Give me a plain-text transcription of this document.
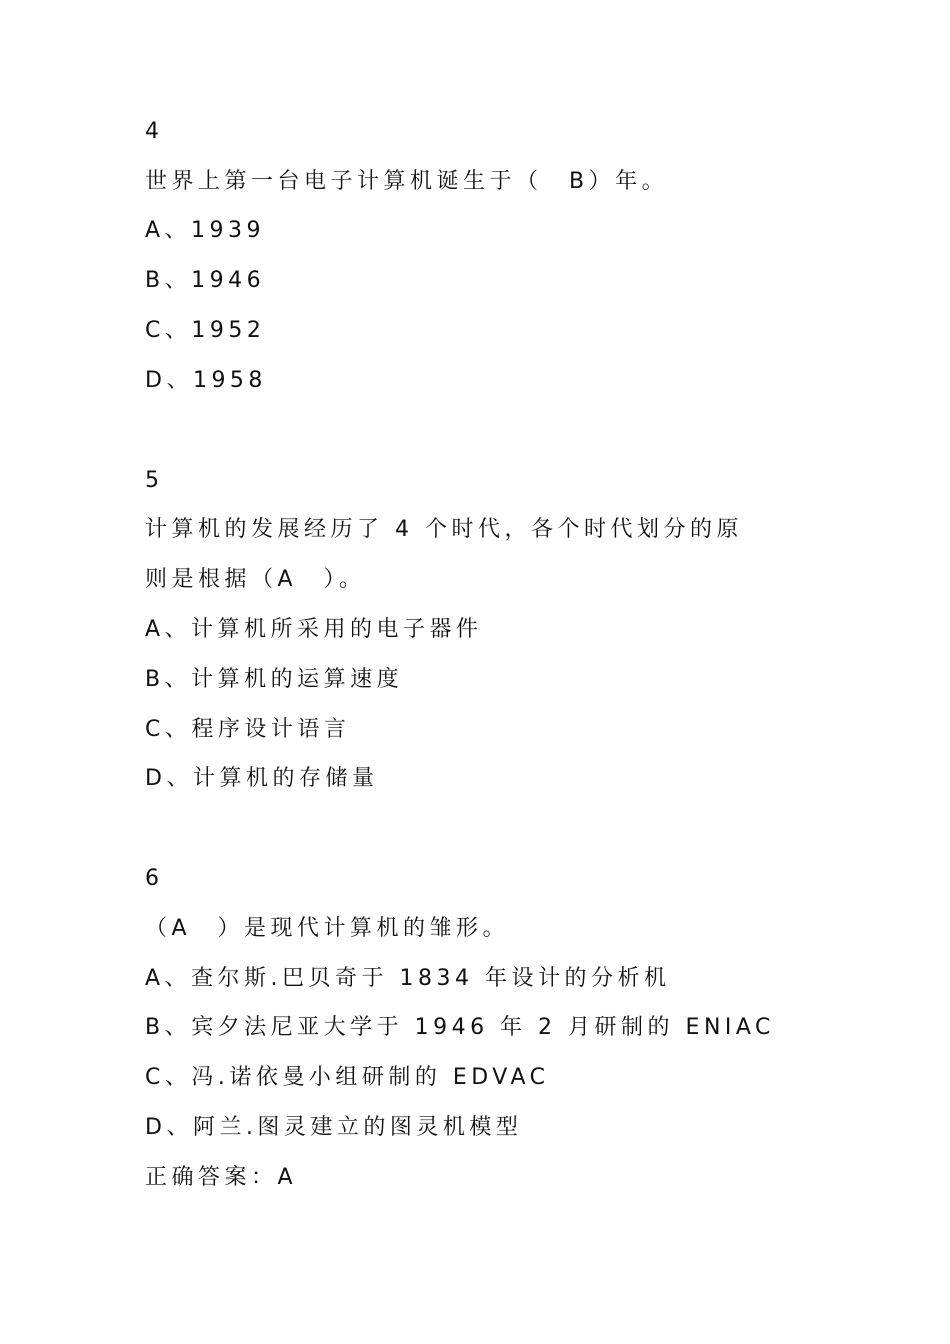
4
世界上第一台电子计算机诞生于（　B）年。
A、1939
B、1946
C、1952
D、1958
5
计算机的发展经历了 4 个时代，各个时代划分的原
则是根据（A　）。
A、计算机所采用的电子器件
B、计算机的运算速度
C、程序设计语言
D、计算机的存储量
6
（A　）是现代计算机的雏形。
A、查尔斯.巴贝奇于 1834 年设计的分析机
B、宾夕法尼亚大学于 1946 年 2 月研制的 ENIAC
C、冯.诺依曼小组研制的 EDVAC
D、阿兰.图灵建立的图灵机模型
正确答案：A
